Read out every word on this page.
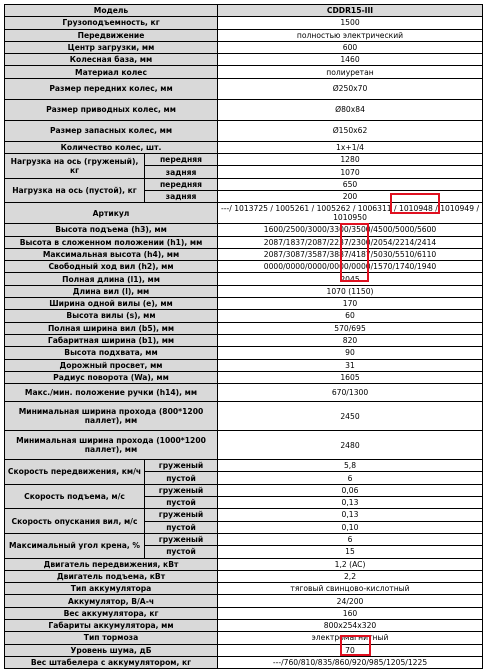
Модель		CDDR15-III
Грузоподъемность, кг		1500
Передвижение		полностью электрический
Центр загрузки, мм		600
Колесная база, мм		1460
Материал колес		полиуретан
Размер передних колес, мм		Ø250x70
Размер приводных колес, мм		Ø80x84
Размер запасных колес, мм		Ø150x62
Количество колес, шт.		1x+1/4
Нагрузка на ось (груженый), кг	передняя	1280
	задняя	1070
Нагрузка на ось (пустой), кг	передняя	650
	задняя	200
Артикул		---/ 1013725 / 1005261 / 1005262 / 1006311 / 1010948 / 1010949 / 1010950
Высота подъема (h3), мм		1600/2500/3000/3300/3500/4500/5000/5600
Высота в сложенном положении (h1), мм		2087/1837/2087/2237/2300/2054/2214/2414
Максимальная высота (h4), мм		2087/3087/3587/3887/4187/5030/5510/6110
Свободный ход вил (h2), мм		0000/0000/0000/0000/0000/1570/1740/1940
Полная длина (l1), мм		2045
Длина вил (l), мм		1070 (1150)
Ширина одной вилы (e), мм		170
Высота вилы (s), мм		60
Полная ширина вил (b5), мм		570/695
Габаритная ширина (b1), мм		820
Высота подхвата, мм		90
Дорожный просвет, мм		31
Радиус поворота (Wa), мм		1605
Макс./мин. положение ручки (h14), мм		670/1300
Минимальная ширина прохода (800*1200 паллет), мм		2450
Минимальная ширина прохода (1000*1200 паллет), мм		2480
Скорость передвижения, км/ч	груженый	5,8
	пустой	6
Скорость подъема, м/с	груженый	0,06
	пустой	0,13
Скорость опускания вил, м/с	груженый	0,13
	пустой	0,10
Максимальный угол крена, %	груженый	6
	пустой	15
Двигатель передвижения, кВт		1,2 (AC)
Двигатель подъема, кВт		2,2
Тип аккумулятора		тяговый свинцово-кислотный
Аккумулятор, В/А-ч		24/200
Вес аккумулятора, кг		160
Габариты аккумулятора, мм		800x254x320
Тип тормоза		электромагнитный
Уровень шума, дБ		70
Вес штабелера с аккумулятором, кг		---/760/810/835/860/920/985/1205/1225
